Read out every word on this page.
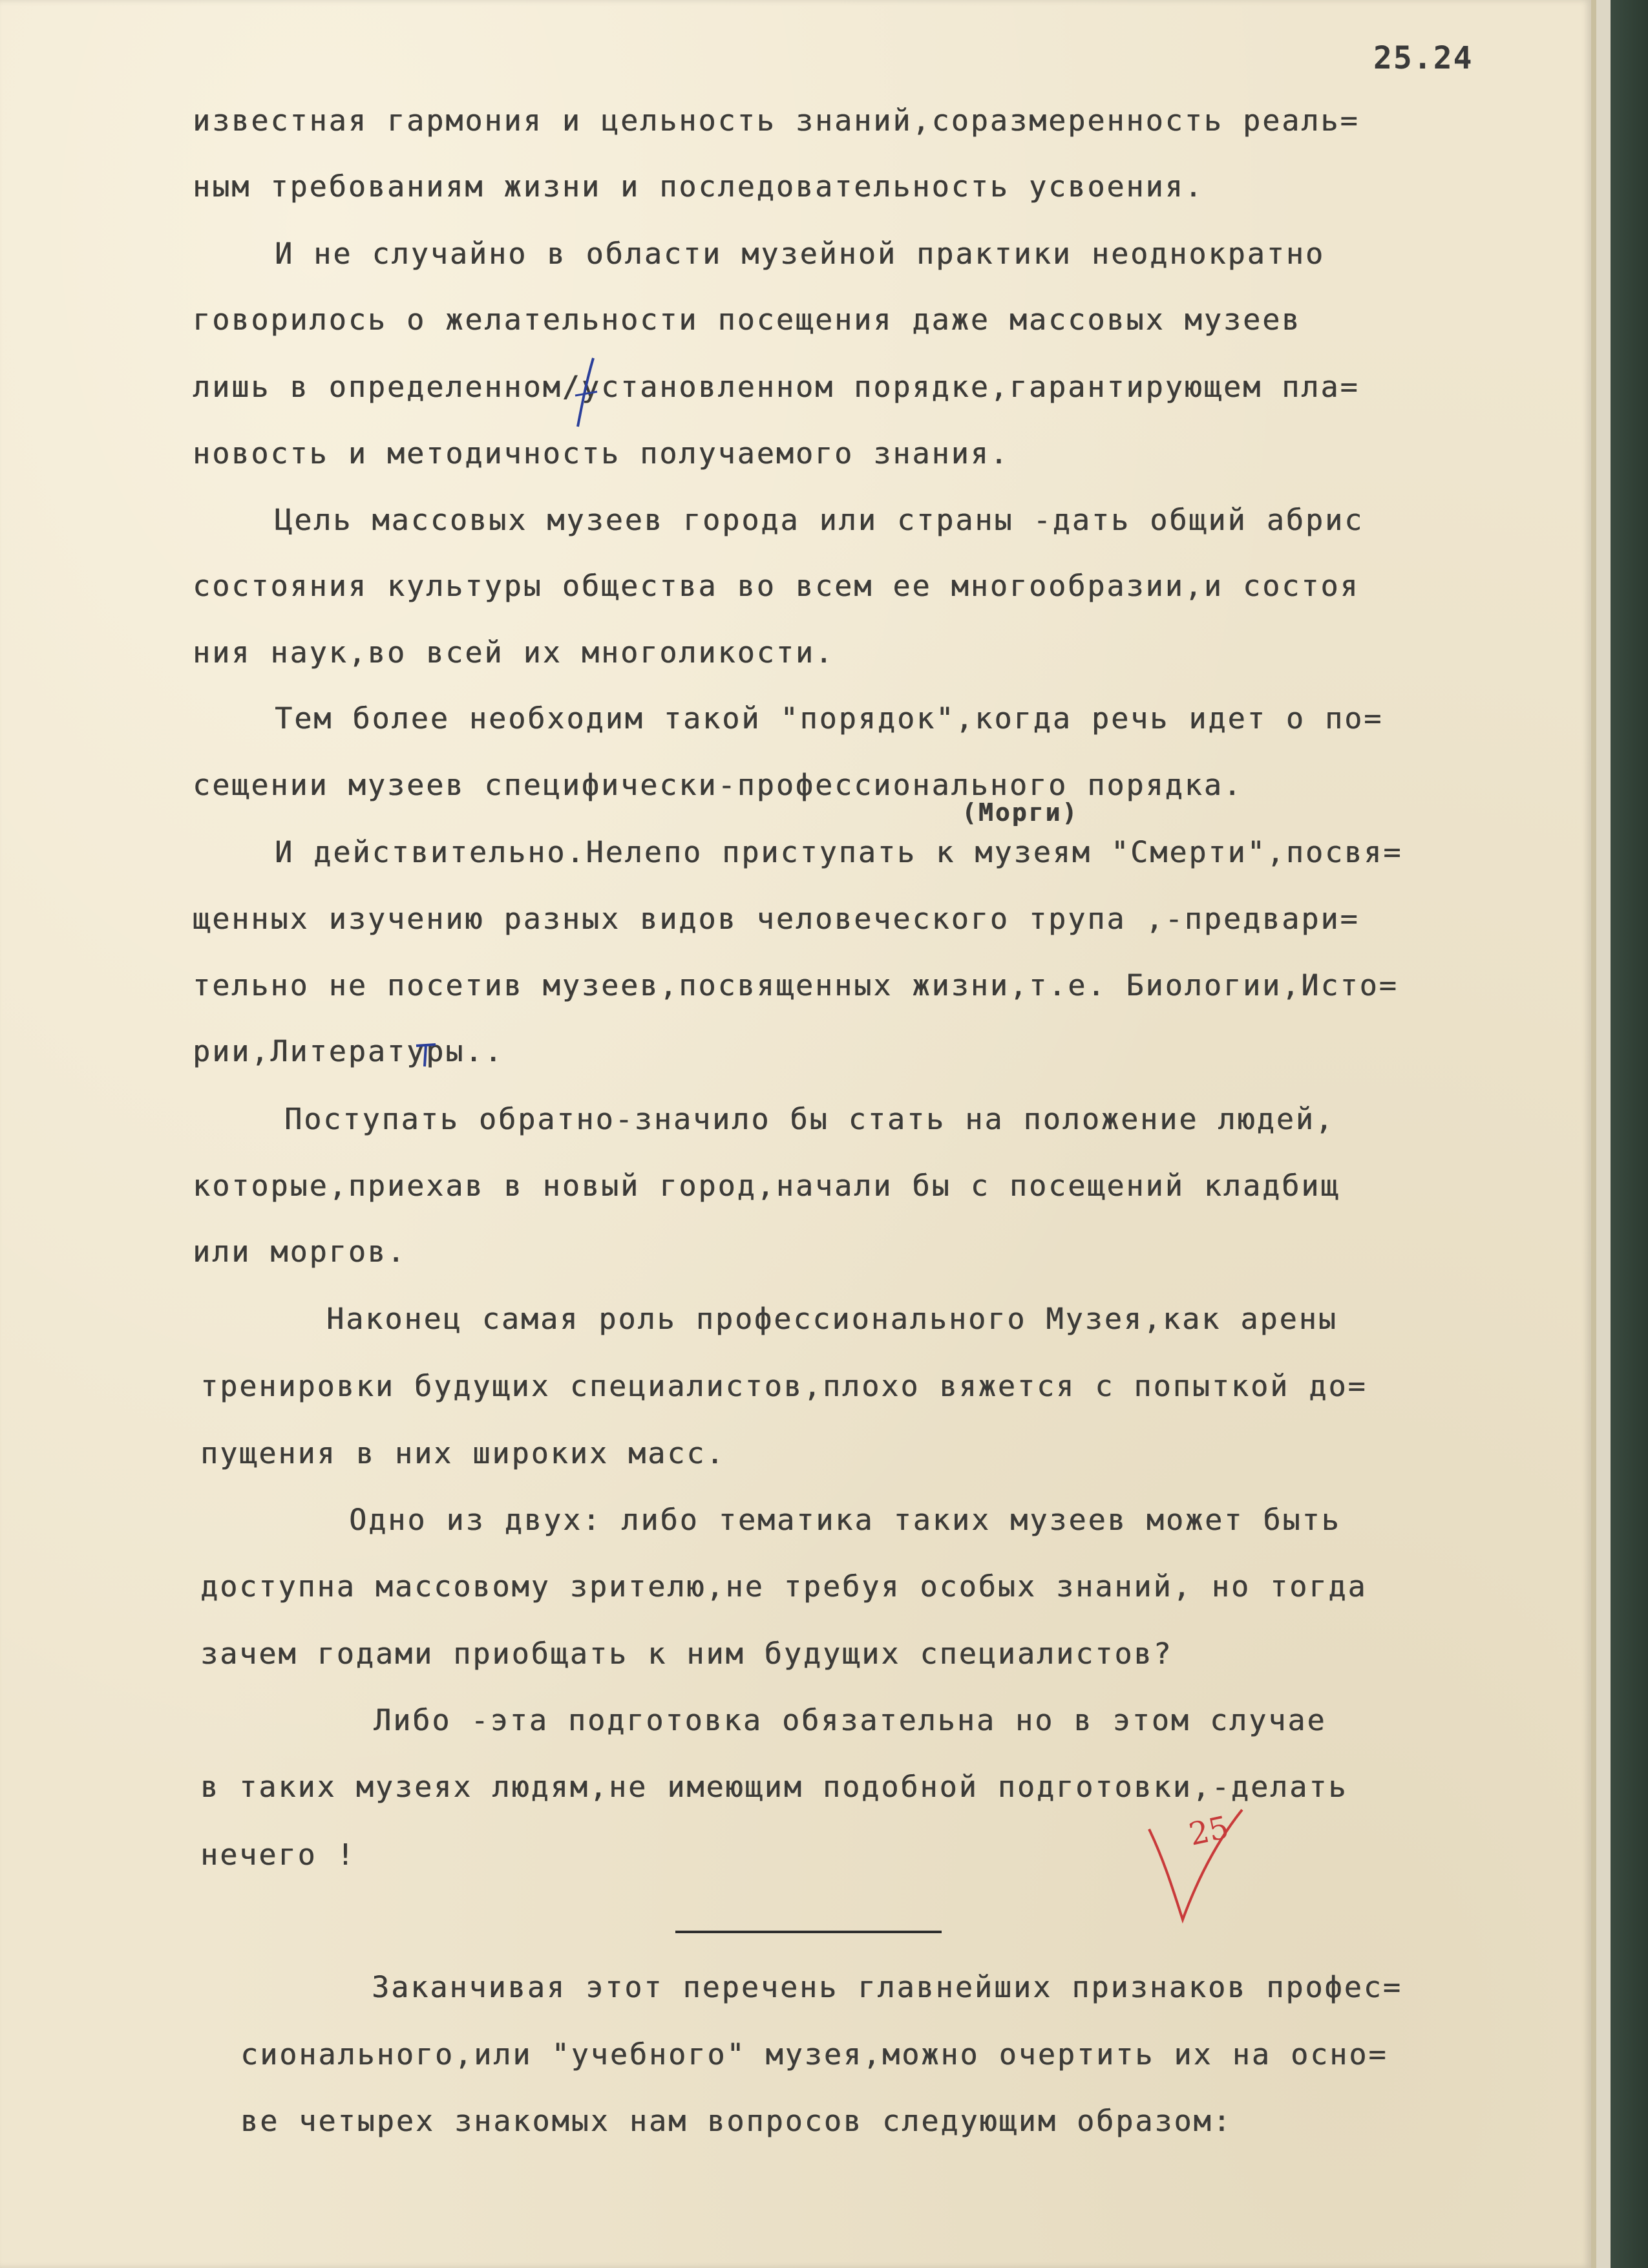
25.24
известная гармония и цельность знаний,соразмеренность реаль=
ным требованиям жизни и последовательность усвоения.
И не случайно в области музейной практики неоднократно
говорилось о желательности посещения даже массовых музеев
лишь в определенном/установленном порядке,гарантирующем пла=
новость и методичность получаемого знания.
Цель массовых музеев города или страны -дать общий абрис
состояния культуры общества во всем ее многообразии,и состоя
ния наук,во всей их многоликости.
Тем более необходим такой "порядок",когда речь идет о по=
сещении музеев специфически-профессионального порядка.
(Морги)
И действительно.Нелепо приступать к музеям "Смерти",посвя=
щенных изучению разных видов человеческого трупа ,-предвари=
тельно не посетив музеев,посвященных жизни,т.е. Биологии,Исто=
рии,Литературы..
Поступать обратно-значило бы стать на положение людей,
которые,приехав в новый город,начали бы с посещений кладбищ
или моргов.
Наконец самая роль профессионального Музея,как арены
тренировки будущих специалистов,плохо вяжется с попыткой до=
пущения в них широких масс.
Одно из двух: либо тематика таких музеев может быть
доступна массовому зрителю,не требуя особых знаний, но тогда
зачем годами приобщать к ним будущих специалистов?
Либо -эта подготовка обязательна но в этом случае
в таких музеях людям,не имеющим подобной подготовки,-делать
нечего !
Заканчивая этот перечень главнейших признаков профес=
сионального,или "учебного" музея,можно очертить их на осно=
ве четырех знакомых нам вопросов следующим образом:
25
